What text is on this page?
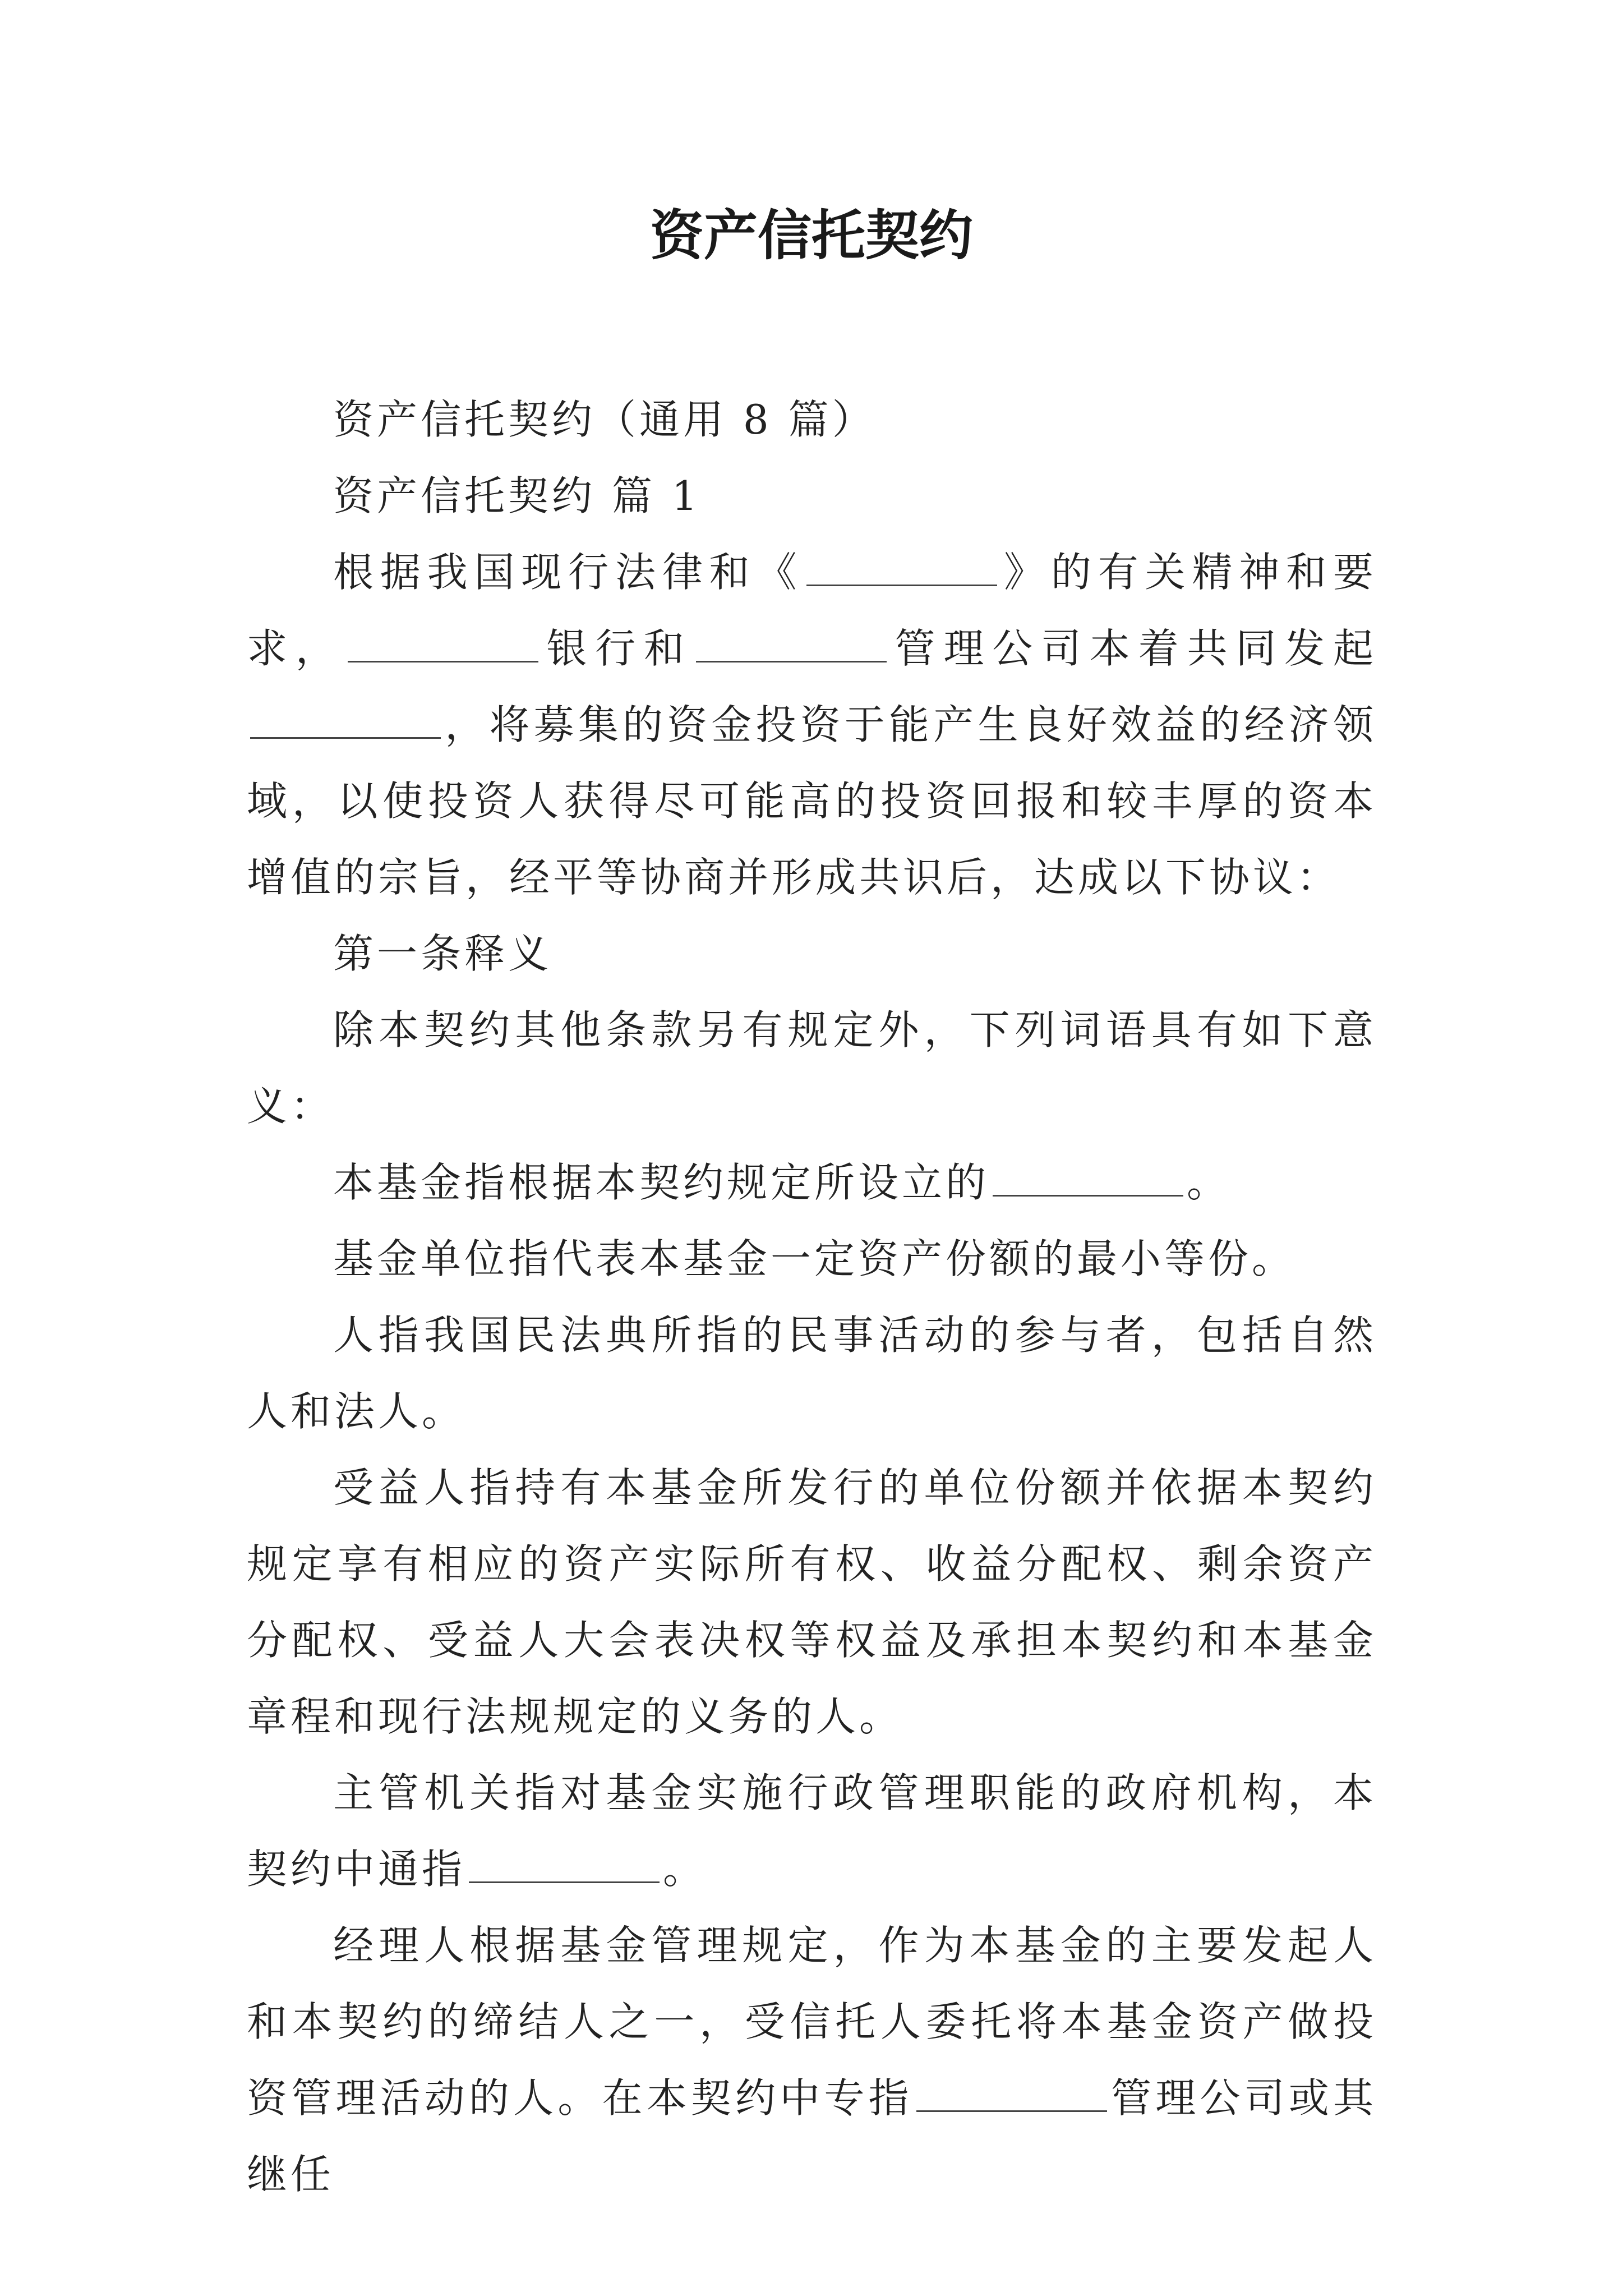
资产信托契约

资产信托契约（通用 8 篇）

资产信托契约 篇 1

根据我国现行法律和《	》的有关精神和要求，	银行和	管理公司本着共同发起，将募集的资金投资于能产生良好效益的经济领域，以使投资人获得尽可能高的投资回报和较丰厚的资本增值的宗旨，经平等协商并形成共识后，达成以下协议：

第一条释义

除本契约其他条款另有规定外，下列词语具有如下意义：

本基金指根据本契约规定所设立的	。

基金单位指代表本基金一定资产份额的最小等份。

人指我国民法典所指的民事活动的参与者，包括自然人和法人。

受益人指持有本基金所发行的单位份额并依据本契约规定享有相应的资产实际所有权、收益分配权、剩余资产分配权、受益人大会表决权等权益及承担本契约和本基金章程和现行法规规定的义务的人。

主管机关指对基金实施行政管理职能的政府机构，本契约中通指	。

经理人根据基金管理规定，作为本基金的主要发起人和本契约的缔结人之一，受信托人委托将本基金资产做投资管理活动的人。在本契约中专指	管理公司或其继任
